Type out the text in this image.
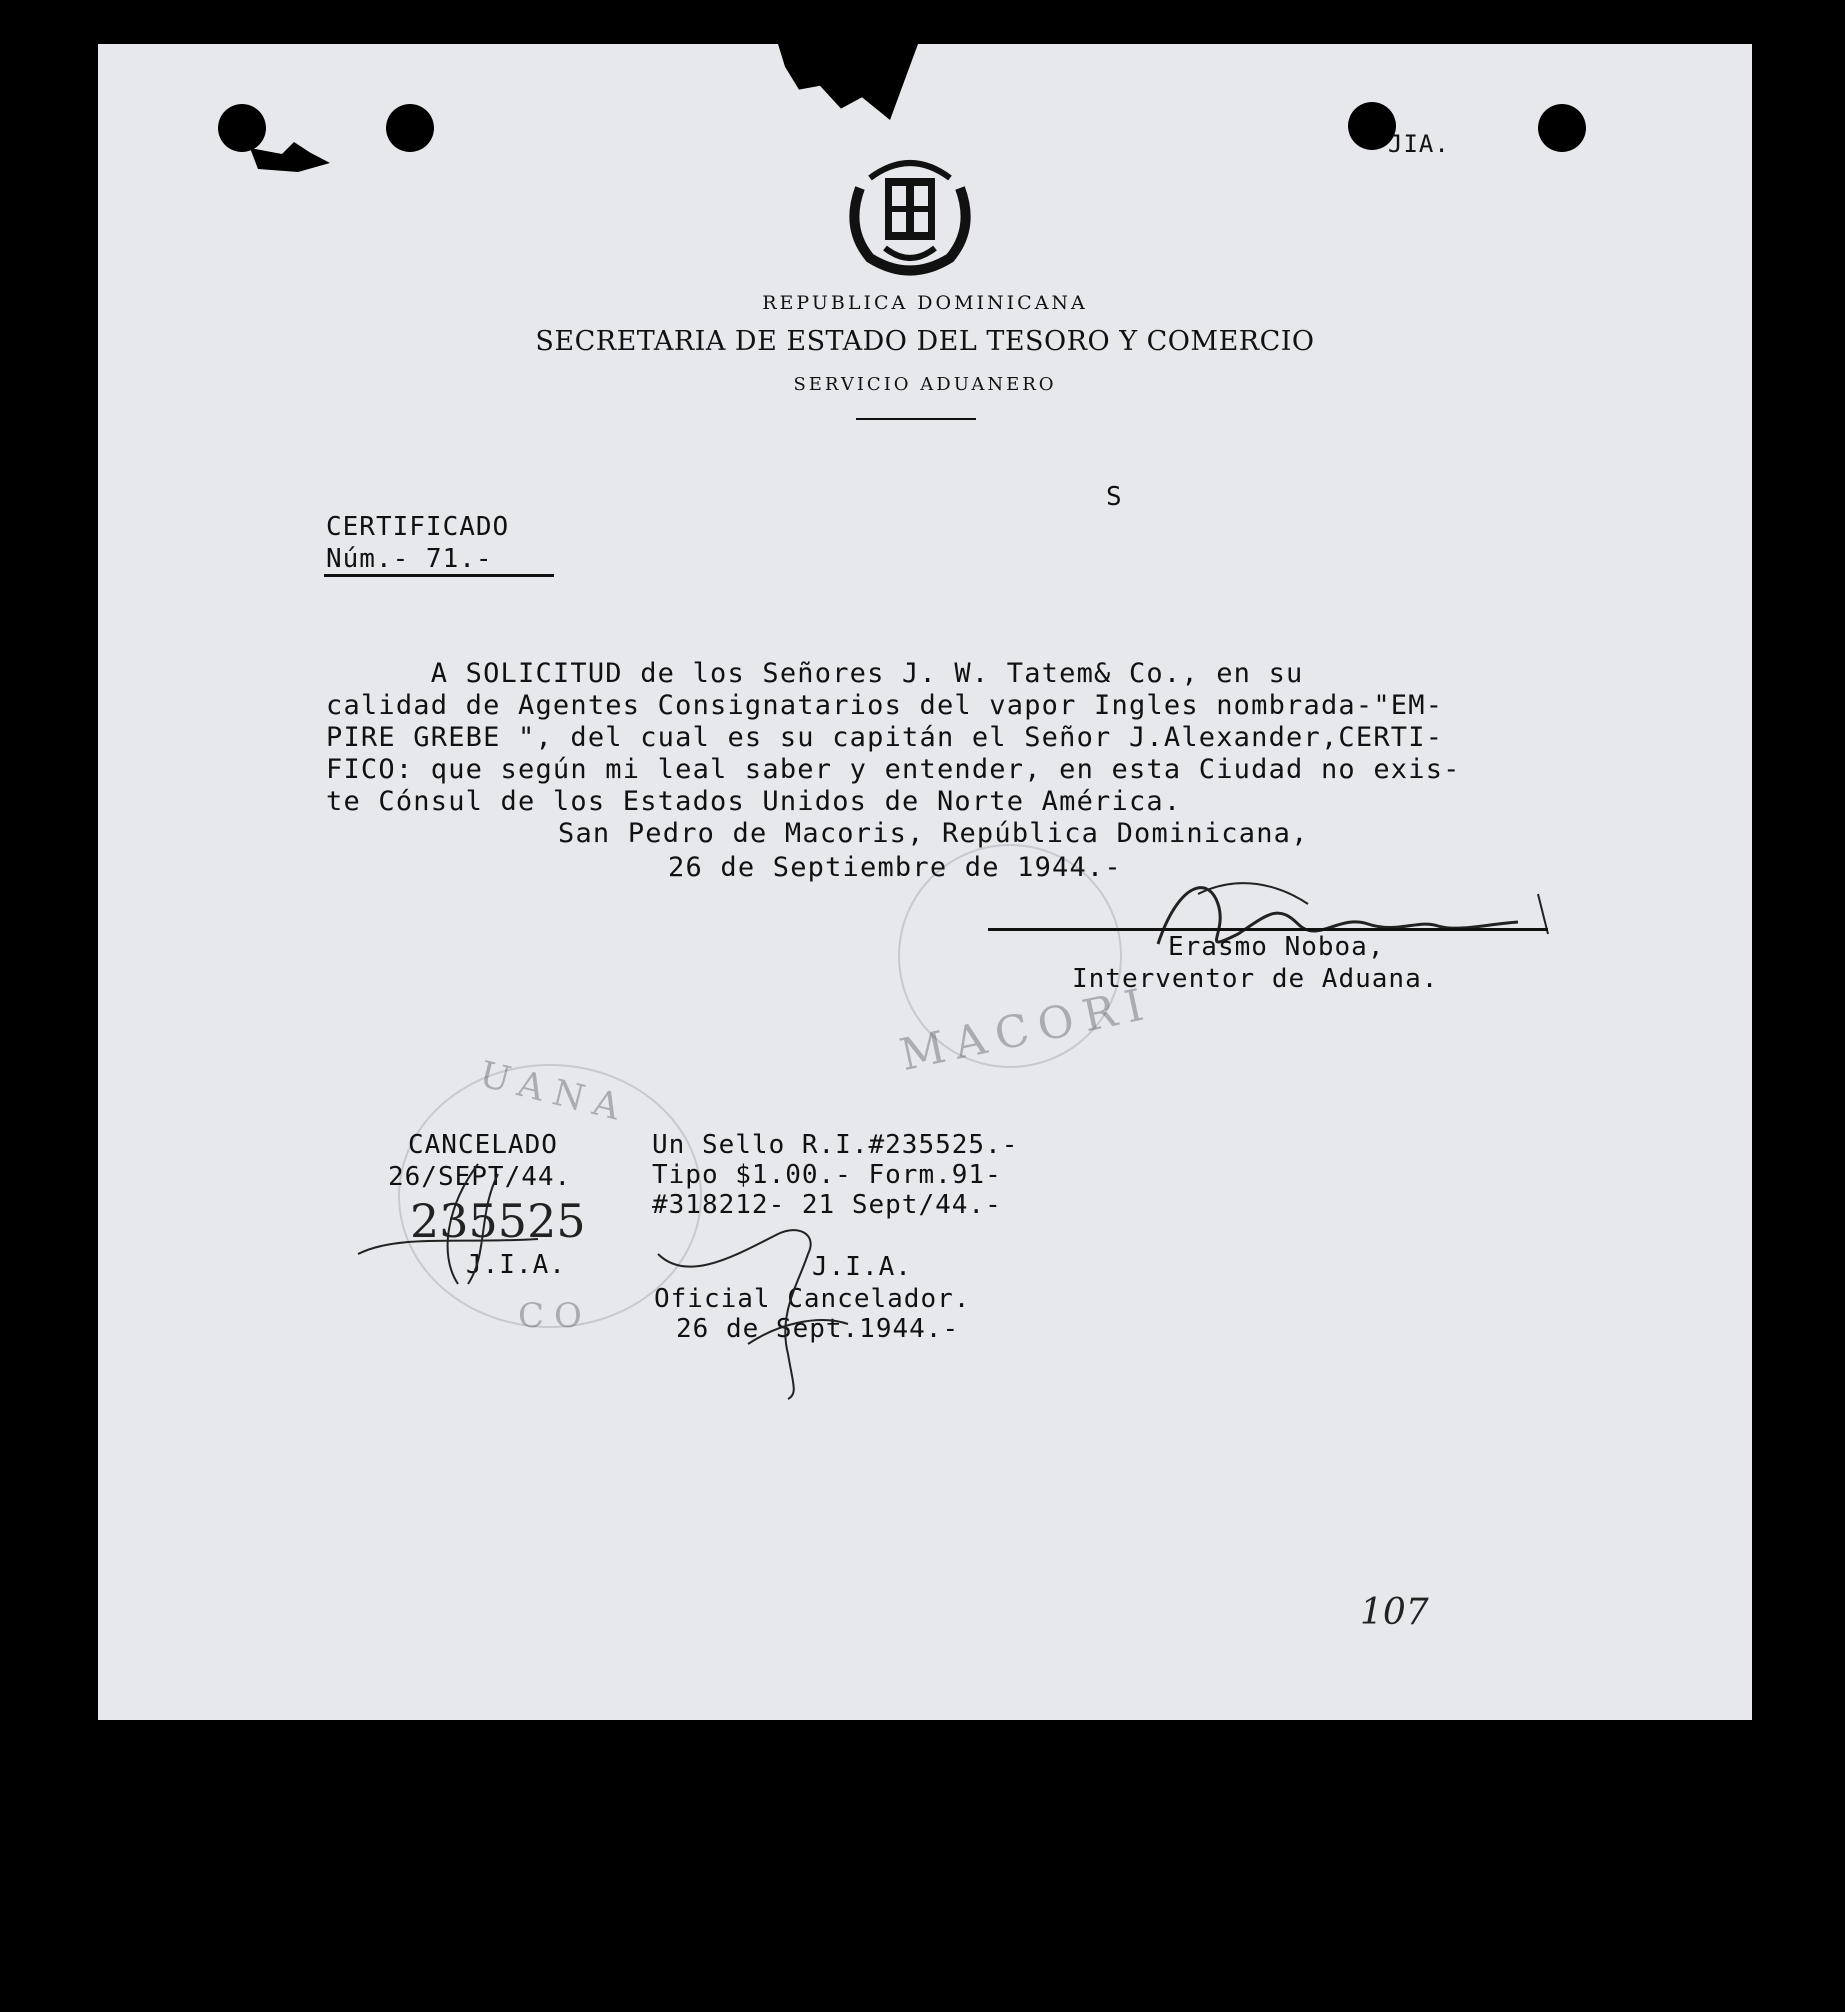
JIA.
REPUBLICA DOMINICANA
SECRETARIA DE ESTADO DEL TESORO Y COMERCIO
SERVICIO ADUANERO
S
CERTIFICADO
Núm.- 71.-
A SOLICITUD de los Señores J. W. Tatem& Co., en su
calidad de Agentes Consignatarios del vapor Ingles nombrada-"EM-
PIRE GREBE ", del cual es su capitán el Señor J.Alexander,CERTI-
FICO: que según mi leal saber y entender, en esta Ciudad no exis-
te Cónsul de los Estados Unidos de Norte América.
San Pedro de Macoris, República Dominicana,
26 de Septiembre de 1944.-
Erasmo Noboa,
Interventor de Aduana.
MACORI
UANA
CO
CANCELADO
26/SEPT/44.
235525
J.I.A.
Un Sello R.I.#235525.-
Tipo $1.00.- Form.91-
#318212- 21 Sept/44.-
J.I.A.
Oficial Cancelador.
26 de Sept.1944.-
107
